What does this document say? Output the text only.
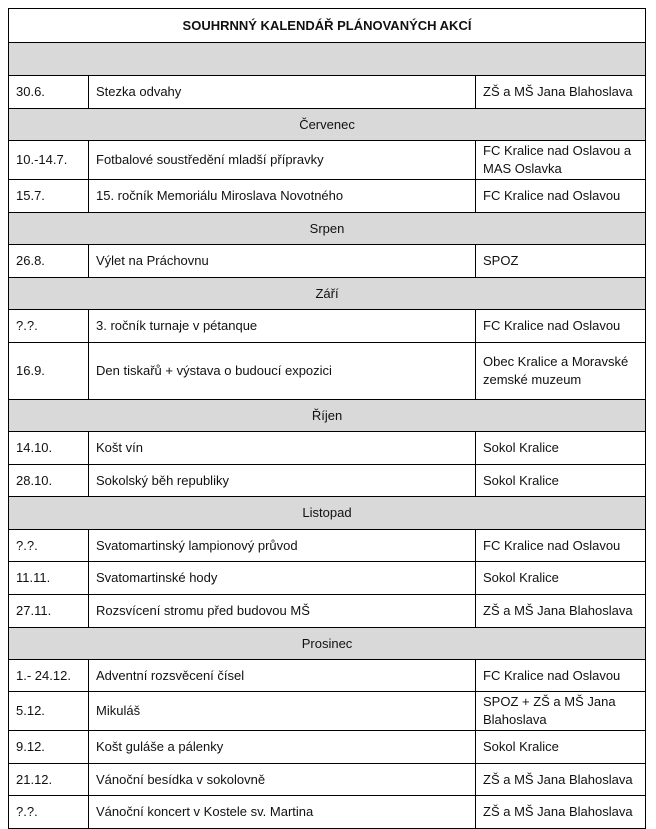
SOUHRNNÝ KALENDÁŘ PLÁNOVANÝCH AKCÍ		

30.6.	Stezka odvahy	ZŠ a MŠ Jana Blahoslava
Červenec		
10.-14.7.	Fotbalové soustředění mladší přípravky	FC Kralice nad Oslavou a MAS Oslavka
15.7.	15. ročník Memoriálu Miroslava Novotného	FC Kralice nad Oslavou
Srpen		
26.8.	Výlet na Práchovnu	SPOZ
Září		
?.?.	3. ročník turnaje v pétanque	FC Kralice nad Oslavou
16.9.	Den tiskařů + výstava o budoucí expozici	Obec Kralice a Moravské zemské muzeum
Říjen		
14.10.	Košt vín	Sokol Kralice
28.10.	Sokolský běh republiky	Sokol Kralice
Listopad		
?.?.	Svatomartinský lampionový průvod	FC Kralice nad Oslavou
11.11.	Svatomartinské hody	Sokol Kralice
27.11.	Rozsvícení stromu před budovou MŠ	ZŠ a MŠ Jana Blahoslava
Prosinec		
1.- 24.12.	Adventní rozsvěcení čísel	FC Kralice nad Oslavou
5.12.	Mikuláš	SPOZ + ZŠ a MŠ Jana Blahoslava
9.12.	Košt guláše a pálenky	Sokol Kralice
21.12.	Vánoční besídka v sokolovně	ZŠ a MŠ Jana Blahoslava
?.?.	Vánoční koncert v Kostele sv. Martina	ZŠ a MŠ Jana Blahoslava
